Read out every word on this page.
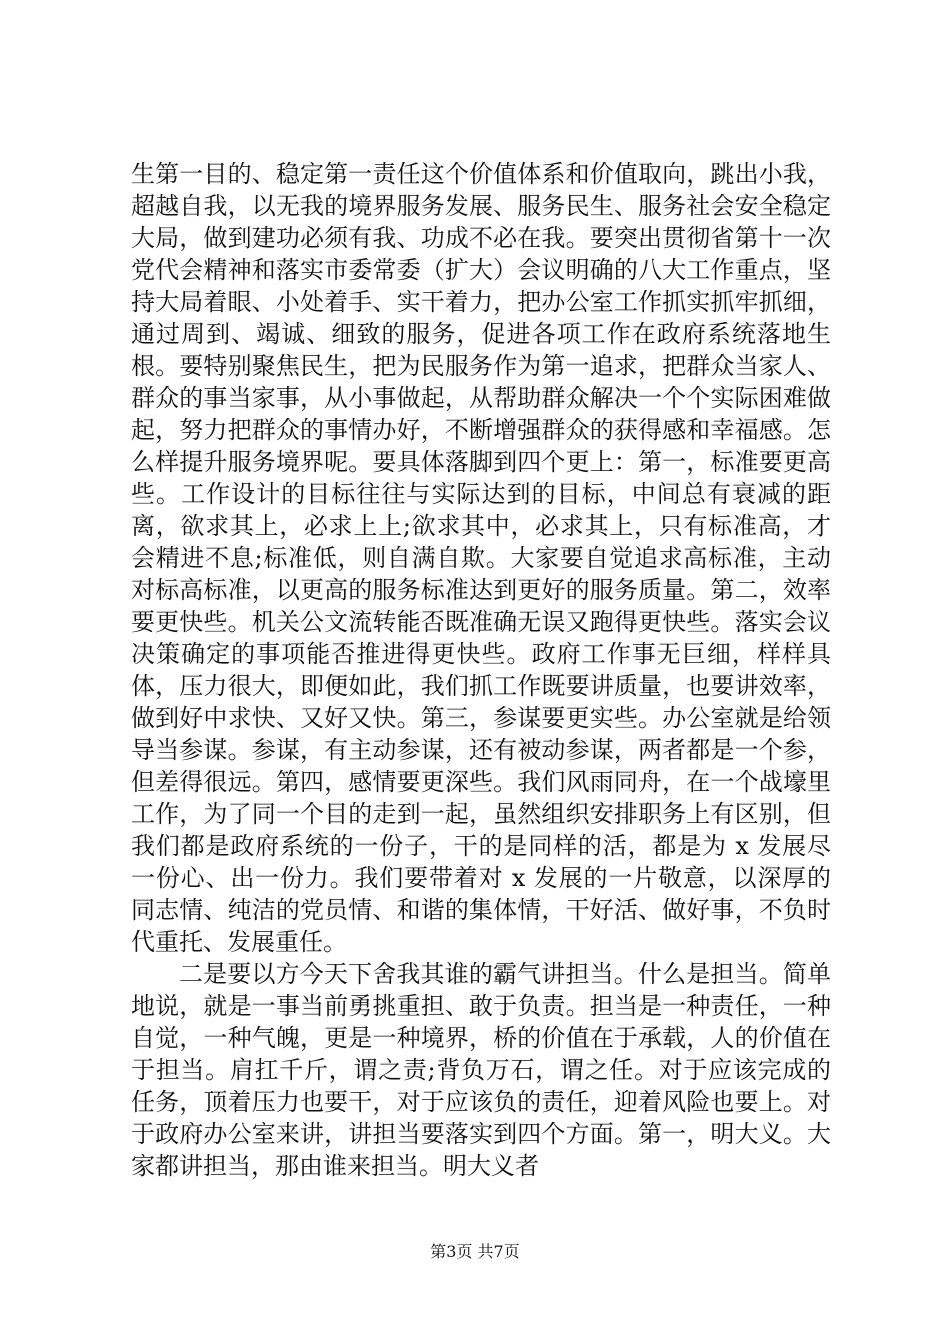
生第一目的、稳定第一责任这个价值体系和价值取向，跳出小我，超越自我，以无我的境界服务发展、服务民生、服务社会安全稳定大局，做到建功必须有我、功成不必在我。要突出贯彻省第十一次党代会精神和落实市委常委（扩大）会议明确的八大工作重点，坚持大局着眼、小处着手、实干着力，把办公室工作抓实抓牢抓细，通过周到、竭诚、细致的服务，促进各项工作在政府系统落地生根。要特别聚焦民生，把为民服务作为第一追求，把群众当家人、群众的事当家事，从小事做起，从帮助群众解决一个个实际困难做起，努力把群众的事情办好，不断增强群众的获得感和幸福感。怎么样提升服务境界呢。要具体落脚到四个更上：第一，标准要更高些。工作设计的目标往往与实际达到的目标，中间总有衰减的距离，欲求其上，必求上上;欲求其中，必求其上，只有标准高，才会精进不息;标准低，则自满自欺。大家要自觉追求高标准，主动对标高标准，以更高的服务标准达到更好的服务质量。第二，效率要更快些。机关公文流转能否既准确无误又跑得更快些。落实会议决策确定的事项能否推进得更快些。政府工作事无巨细，样样具体，压力很大，即便如此，我们抓工作既要讲质量，也要讲效率，做到好中求快、又好又快。第三，参谋要更实些。办公室就是给领导当参谋。参谋，有主动参谋，还有被动参谋，两者都是一个参，但差得很远。第四，感情要更深些。我们风雨同舟，在一个战壕里工作，为了同一个目的走到一起，虽然组织安排职务上有区别，但我们都是政府系统的一份子，干的是同样的活，都是为 x 发展尽一份心、出一份力。我们要带着对 x 发展的一片敬意，以深厚的同志情、纯洁的党员情、和谐的集体情，干好活、做好事，不负时代重托、发展重任。

二是要以方今天下舍我其谁的霸气讲担当。什么是担当。简单地说，就是一事当前勇挑重担、敢于负责。担当是一种责任，一种自觉，一种气魄，更是一种境界，桥的价值在于承载，人的价值在于担当。肩扛千斤，谓之责;背负万石，谓之任。对于应该完成的任务，顶着压力也要干，对于应该负的责任，迎着风险也要上。对于政府办公室来讲，讲担当要落实到四个方面。第一，明大义。大家都讲担当，那由谁来担当。明大义者

第3页 共7页
